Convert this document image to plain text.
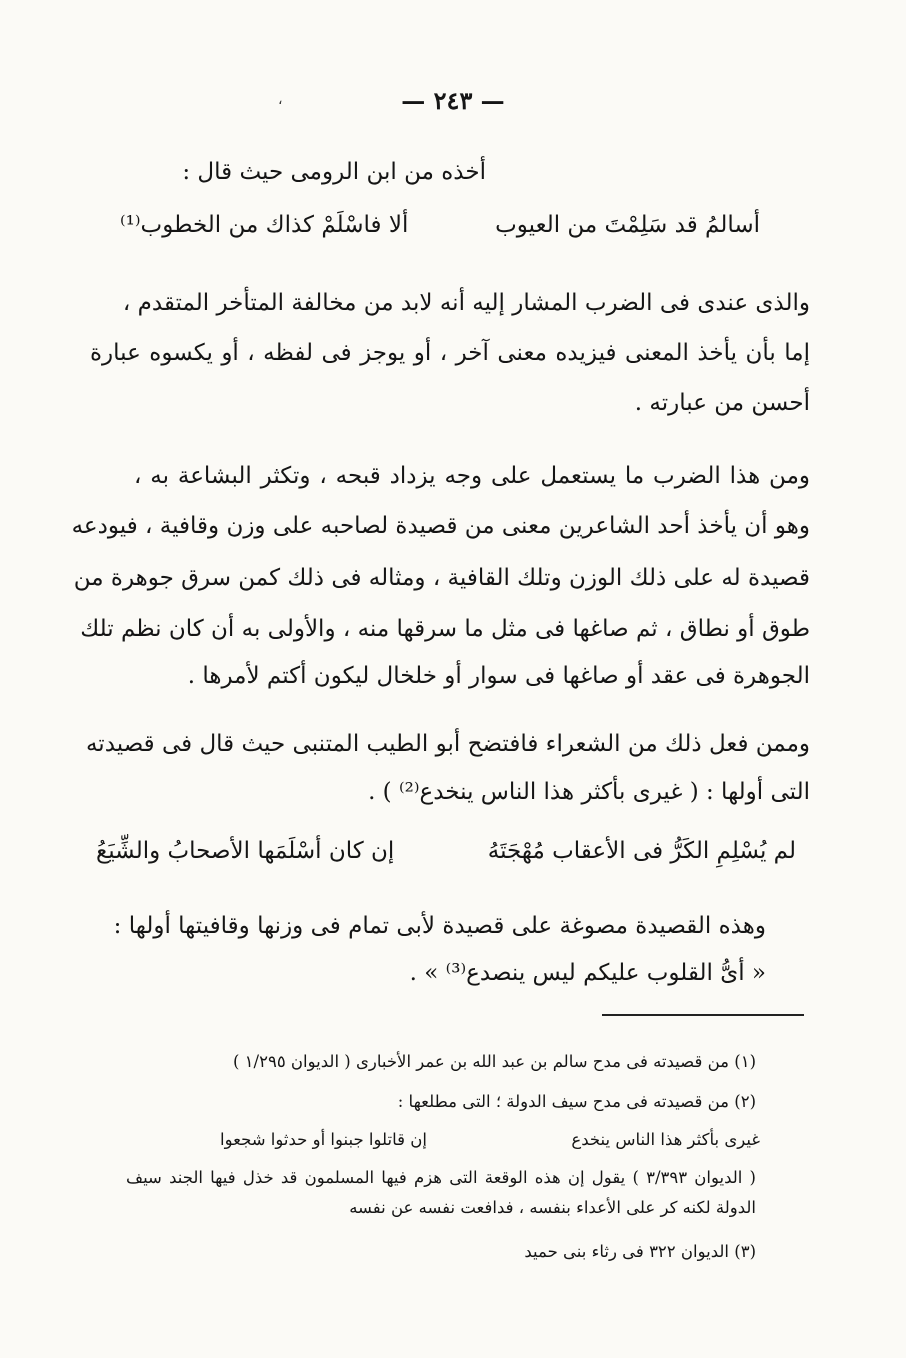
— ٢٤٣ —
،
أخذه من ابن الرومى حيث قال :
أسالمُ قد سَلِمْتَ من العيوب
ألا فاسْلَمْ كذاك من الخطوب⁽¹⁾
والذى عندى فى الضرب المشار إليه أنه لابد من مخالفة المتأخر المتقدم ،
إما بأن يأخذ المعنى فيزيده معنى آخر ، أو يوجز فى لفظه ، أو يكسوه عبارة
أحسن من عبارته .
ومن هذا الضرب ما يستعمل على وجه يزداد قبحه ، وتكثر البشاعة به ،
وهو أن يأخذ أحد الشاعرين معنى من قصيدة لصاحبه على وزن وقافية ، فيودعه
قصيدة له على ذلك الوزن وتلك القافية ، ومثاله فى ذلك كمن سرق جوهرة من
طوق أو نطاق ، ثم صاغها فى مثل ما سرقها منه ، والأولى به أن كان نظم تلك
الجوهرة فى عقد أو صاغها فى سوار أو خلخال ليكون أكتم لأمرها .
وممن فعل ذلك من الشعراء فافتضح أبو الطيب المتنبى حيث قال فى قصيدته
التى أولها : ( غيرى بأكثر هذا الناس ينخدع⁽²⁾ ) .
لم يُسْلِمِ الكَرُّ فى الأعقاب مُهْجَتَهُ
إن كان أسْلَمَها الأصحابُ والشِّيَعُ
وهذه القصيدة مصوغة على قصيدة لأبى تمام فى وزنها وقافيتها أولها :
« أىُّ القلوب عليكم ليس ينصدع⁽³⁾ » .
(١) من قصيدته فى مدح سالم بن عبد الله بن عمر الأخبارى ( الديوان ١/٢٩٥ )
(٢) من قصيدته فى مدح سيف الدولة ؛ التى مطلعها :
غيرى بأكثر هذا الناس ينخدع
إن قاتلوا جبنوا أو حدثوا شجعوا
( الديوان ٣/٣٩٣ ) يقول إن هذه الوقعة التى هزم فيها المسلمون قد خذل فيها الجند سيف
الدولة لكنه كر على الأعداء بنفسه ، فدافعت نفسه عن نفسه
(٣) الديوان ٣٢٢ فى رثاء بنى حميد
